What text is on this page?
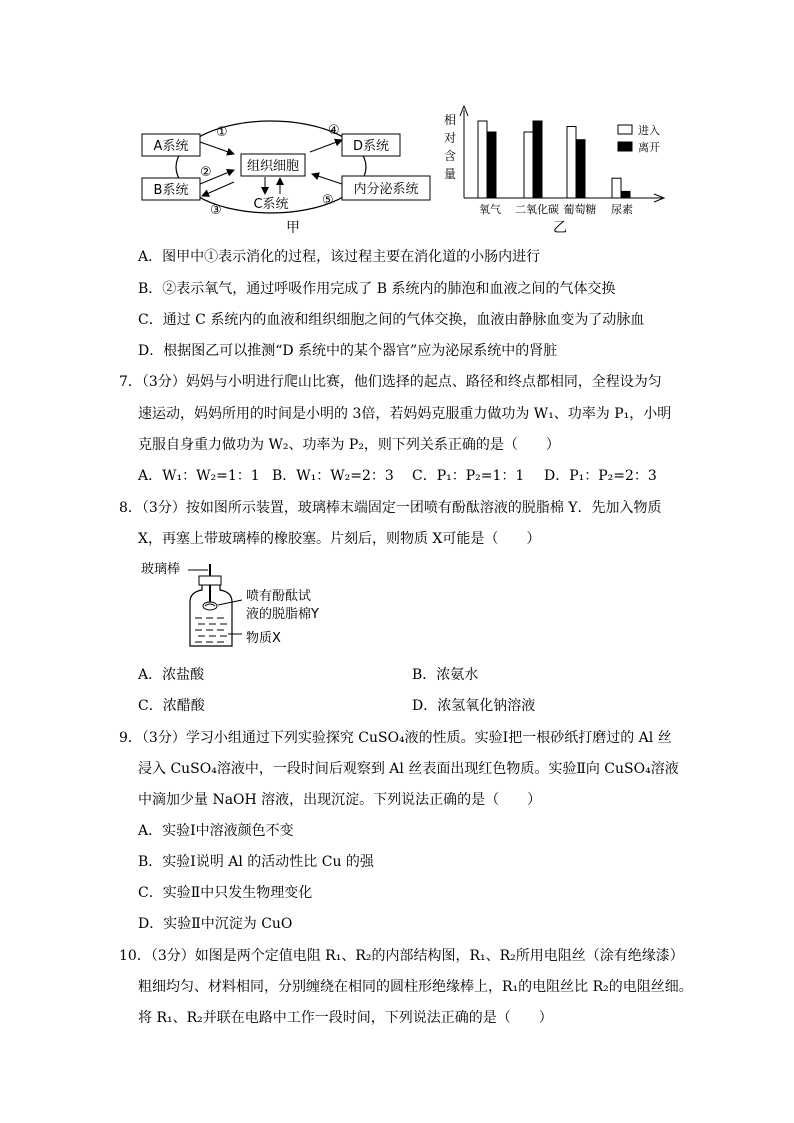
组织细胞
C系统
A系统
B系统
D系统
内分泌系统
①
②
③
④
⑤
甲
相
对
含
量
氧气 二氧化碳 葡萄糖 尿素
进入
离开
乙
A．图甲中①表示消化的过程，该过程主要在消化道的小肠内进行
B．②表示氧气，通过呼吸作用完成了 B 系统内的肺泡和血液之间的气体交换
C．通过 C 系统内的血液和组织细胞之间的气体交换，血液由静脉血变为了动脉血
D．根据图乙可以推测“D 系统中的某个器官”应为泌尿系统中的肾脏
7．（3分）妈妈与小明进行爬山比赛，他们选择的起点、路径和终点都相同，全程设为匀
速运动，妈妈所用的时间是小明的 3倍，若妈妈克服重力做功为 W₁、功率为 P₁，小明
克服自身重力做功为 W₂、功率为 P₂，则下列关系正确的是（　　）
A．W₁：W₂=1：1 B．W₁：W₂=2：3 C．P₁：P₂=1：1 D．P₁：P₂=2：3
8．（3分）按如图所示装置，玻璃棒末端固定一团喷有酚酞溶液的脱脂棉 Y．先加入物质
X，再塞上带玻璃棒的橡胶塞。片刻后，则物质 X可能是（　　）
玻璃棒
喷有酚酞试
液的脱脂棉Y
物质X
A．浓盐酸	B．浓氨水
C．浓醋酸	D．浓氢氧化钠溶液
9．（3分）学习小组通过下列实验探究 CuSO₄液的性质。实验Ⅰ把一根砂纸打磨过的 Al 丝
浸入 CuSO₄溶液中，一段时间后观察到 Al 丝表面出现红色物质。实验Ⅱ向 CuSO₄溶液
中滴加少量 NaOH 溶液，出现沉淀。下列说法正确的是（　　）
A．实验Ⅰ中溶液颜色不变
B．实验Ⅰ说明 Al 的活动性比 Cu 的强
C．实验Ⅱ中只发生物理变化
D．实验Ⅱ中沉淀为 CuO
10．（3分）如图是两个定值电阻 R₁、R₂的内部结构图，R₁、R₂所用电阻丝（涂有绝缘漆）
粗细均匀、材料相同，分别缠绕在相同的圆柱形绝缘棒上，R₁的电阻丝比 R₂的电阻丝细。
将 R₁、R₂并联在电路中工作一段时间，下列说法正确的是（　　）
